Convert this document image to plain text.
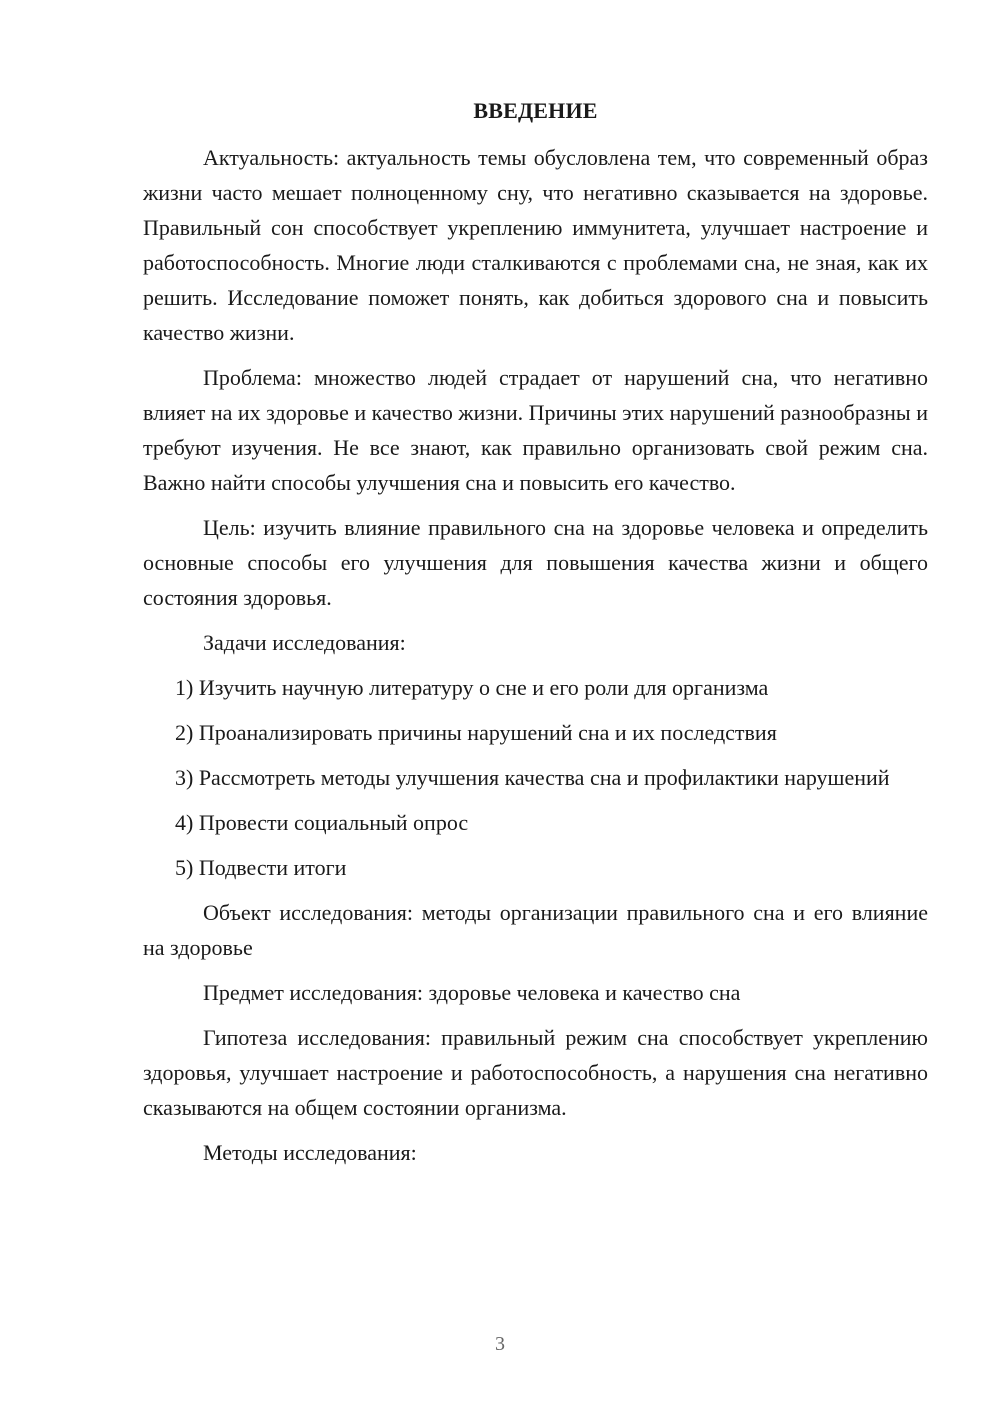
ВВЕДЕНИЕ

Актуальность: актуальность темы обусловлена тем, что современный образ жизни часто мешает полноценному сну, что негативно сказывается на здоровье. Правильный сон способствует укреплению иммунитета, улучшает настроение и работоспособность. Многие люди сталкиваются с проблемами сна, не зная, как их решить. Исследование поможет понять, как добиться здорового сна и повысить качество жизни.

Проблема: множество людей страдает от нарушений сна, что негативно влияет на их здоровье и качество жизни. Причины этих нарушений разнообразны и требуют изучения. Не все знают, как правильно организовать свой режим сна. Важно найти способы улучшения сна и повысить его качество.

Цель: изучить влияние правильного сна на здоровье человека и определить основные способы его улучшения для повышения качества жизни и общего состояния здоровья.

Задачи исследования:

1) Изучить научную литературу о сне и его роли для организма

2) Проанализировать причины нарушений сна и их последствия

3) Рассмотреть методы улучшения качества сна и профилактики нарушений

4) Провести социальный опрос

5) Подвести итоги

Объект исследования: методы организации правильного сна и его влияние на здоровье

Предмет исследования: здоровье человека и качество сна

Гипотеза исследования: правильный режим сна способствует укреплению здоровья, улучшает настроение и работоспособность, а нарушения сна негативно сказываются на общем состоянии организма.

Методы исследования:

3
